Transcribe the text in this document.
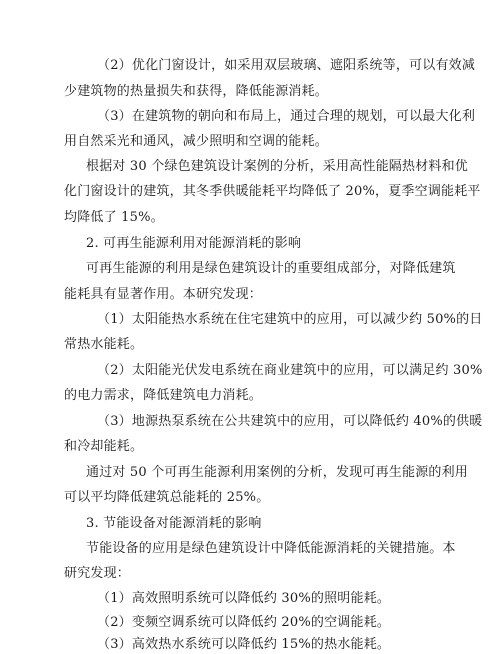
（2）优化门窗设计，如采用双层玻璃、遮阳系统等，可以有效减
少建筑物的热量损失和获得，降低能源消耗。
（3）在建筑物的朝向和布局上，通过合理的规划，可以最大化利
用自然采光和通风，减少照明和空调的能耗。
根据对 30 个绿色建筑设计案例的分析，采用高性能隔热材料和优
化门窗设计的建筑，其冬季供暖能耗平均降低了 20%，夏季空调能耗平
均降低了 15%。
2. 可再生能源利用对能源消耗的影响
可再生能源的利用是绿色建筑设计的重要组成部分，对降低建筑
能耗具有显著作用。本研究发现：
（1）太阳能热水系统在住宅建筑中的应用，可以减少约 50%的日
常热水能耗。
（2）太阳能光伏发电系统在商业建筑中的应用，可以满足约 30%
的电力需求，降低建筑电力消耗。
（3）地源热泵系统在公共建筑中的应用，可以降低约 40%的供暖
和冷却能耗。
通过对 50 个可再生能源利用案例的分析，发现可再生能源的利用
可以平均降低建筑总能耗的 25%。
3. 节能设备对能源消耗的影响
节能设备的应用是绿色建筑设计中降低能源消耗的关键措施。本
研究发现：
（1）高效照明系统可以降低约 30%的照明能耗。
（2）变频空调系统可以降低约 20%的空调能耗。
（3）高效热水系统可以降低约 15%的热水能耗。
